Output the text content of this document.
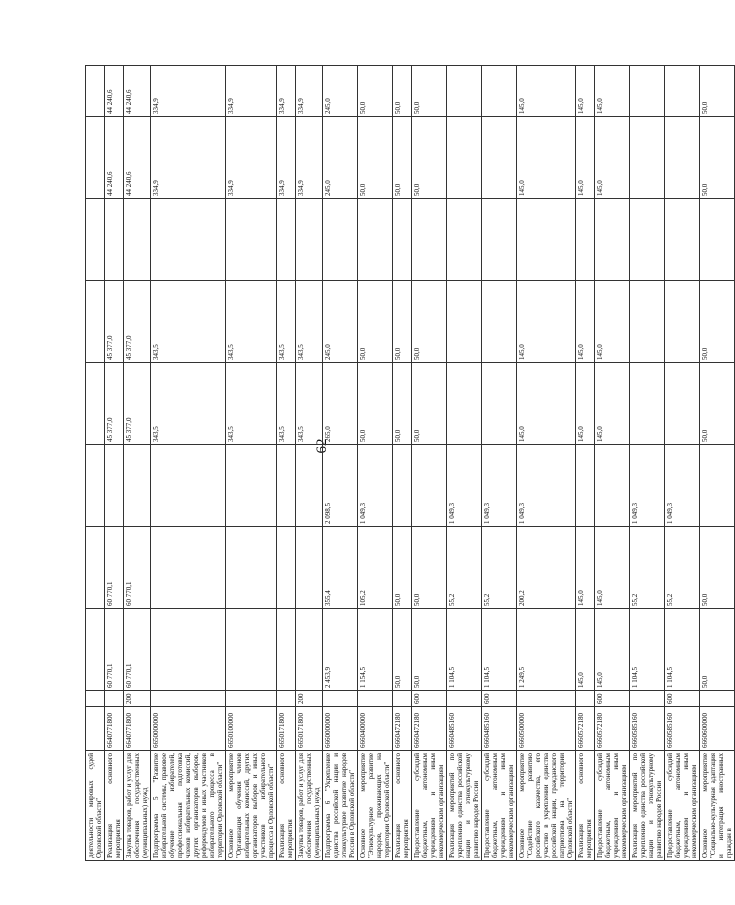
62
деятельности мировых судей Орловской области"										
Реализация основного мероприятия	6640771800		60 770,1	60 770,1		45 377,0	45 377,0		44 240,6	44 240,6
Закупка товаров, работ и услуг для обеспечения государственных (муниципальных) нужд	6640771800	200	60 770,1	60 770,1		45 377,0	45 377,0		44 240,6	44 240,6
Подпрограмма 5 "Развитие избирательной системы, правовое обучение избирателей, профессиональная подготовка членов избирательных комиссий, других организаторов выборов, референдумов и иных участников избирательного процесса в территории Орловской области"	6650000000					343,5	343,5		334,9	334,9
Основное мероприятие "Организация обучения членов избирательных комиссий, других организаторов выборов и иных участников избирательного процесса в Орловской области"	6650100000					343,5	343,5		334,9	334,9
Реализация основного мероприятия	6650171800					343,5	343,5		334,9	334,9
Закупка товаров, работ и услуг для обеспечения государственных (муниципальных) нужд	6650171800	200				343,5	343,5		334,9	334,9
Подпрограмма 6 "Укрепление единства российской нации и этнокультурное развитие народов России в Орловской области"	6660000000		2 453,9	355,4	2 098,5	265,0	245,0		245,0	245,0
Основное мероприятие "Этнокультурное развитие народов, проживающих на территории Орловской области"	6660400000		1 154,5	105,2	1 049,3	50,0	50,0		50,0	50,0
Реализация основного мероприятия	6660472180		50,0	50,0		50,0	50,0		50,0	50,0
Предоставление субсидий бюджетным, автономным учреждениям и иным некоммерческим организациям	6660472180	600	50,0	50,0		50,0	50,0		50,0	50,0
Реализация мероприятий по укреплению единства российской нации и этнокультурному развитию народов России	6660485160		1 104,5	55,2	1 049,3					
Предоставление субсидий бюджетным, автономным учреждениям и иным некоммерческим организациям	6660485160	600	1 104,5	55,2	1 049,3					
Основное мероприятие "Содействие развитию российского казачества, его участию в укреплении единства российской нации, гражданского патриотизма на территории Орловской области"	6660500000		1 249,5	200,2	1 049,3	145,0	145,0		145,0	145,0
Реализация основного мероприятия	6660572180		145,0	145,0		145,0	145,0		145,0	145,0
Предоставление субсидий бюджетным, автономным учреждениям и иным некоммерческим организациям	6660572180	600	145,0	145,0		145,0	145,0		145,0	145,0
Реализация мероприятий по укреплению единства российской нации и этнокультурному развитию народов России	6660585160		1 104,5	55,2	1 049,3					
Предоставление субсидий бюджетным, автономным учреждениям и иным некоммерческим организациям	6660585160	600	1 104,5	55,2	1 049,3					
Основное мероприятие "Социально-культурная адаптация и интеграция иностранных граждан в	6660600000		50,0	50,0		50,0	50,0		50,0	50,0
